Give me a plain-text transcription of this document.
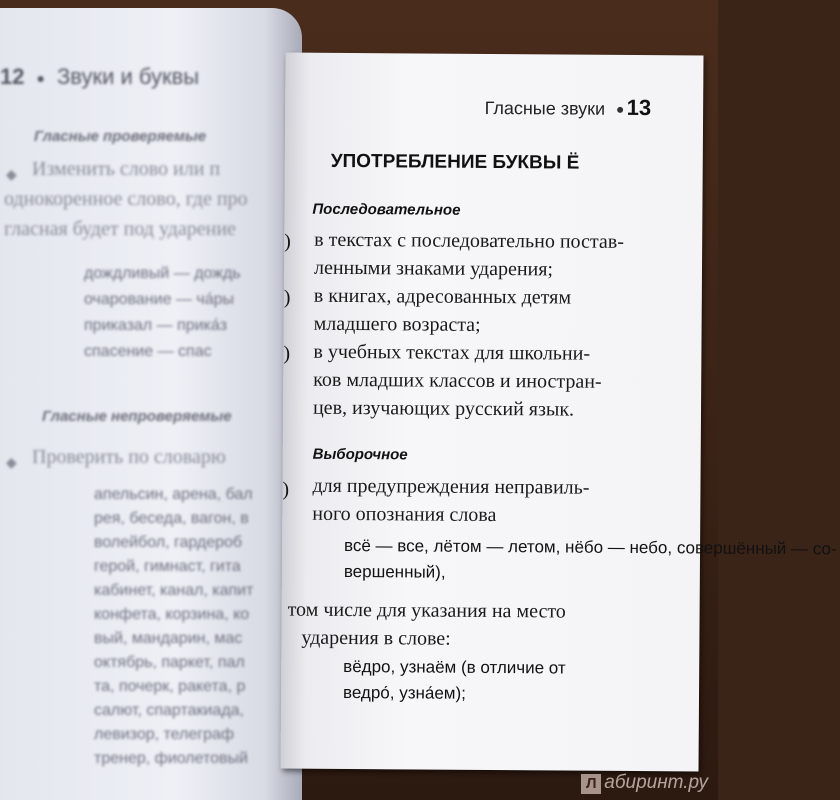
12 ● Звуки и буквы
Гласные проверяемые
◆ Изменить слово или п
однокоренное слово, где про
гласная будет под ударение
дождливый — дождь
очарование — ча́ры
приказал — прика́з
спасение — спас
Гласные непроверяемые
◆ Проверить по словарю
апельсин, арена, бал
рея, беседа, вагон, в
волейбол, гардероб
герой, гимнаст, гита
кабинет, канал, капит
конфета, корзина, ко
вый, мандарин, мас
октябрь, паркет, пал
та, почерк, ракета, р
салют, спартакиада,
левизор, телеграф
тренер, фиолетовый
Гласные звуки 13
УПОТРЕБЛЕНИЕ БУКВЫ Ё
Последовательное
) в текстах с последовательно постав-
ленными знаками ударения;
) в книгах, адресованных детям
младшего возраста;
) в учебных текстах для школьни-
ков младших классов и иностран-
цев, изучающих русский язык.
Выборочное
) для предупреждения неправиль-
ного опознания слова
всё — все, лётом — летом, нёбо — небо, совершённый — со-
вершенный),
том числе для указания на место
ударения в слове:
вёдро, узнаём (в отличие от
ведро́, узна́ем);
Л абиринт.ру
